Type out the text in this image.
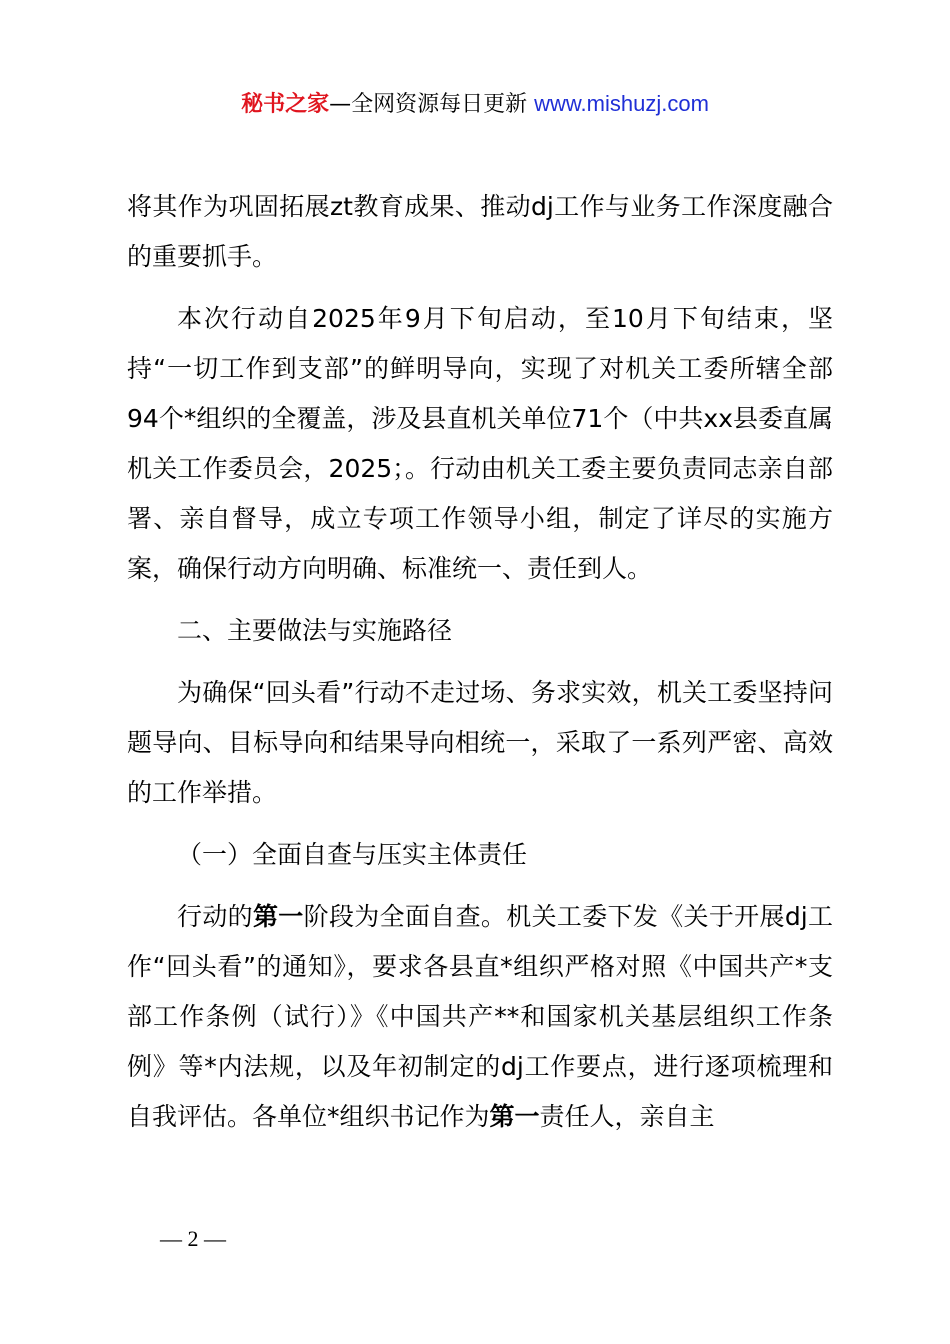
秘书之家—全网资源每日更新 www.mishuzj.com

将其作为巩固拓展zt教育成果、推动dj工作与业务工作深度融合的重要抓手。

本次行动自2025年9月下旬启动，至10月下旬结束，坚持“一切工作到支部”的鲜明导向，实现了对机关工委所辖全部94个*组织的全覆盖，涉及县直机关单位71个（中共xx县委直属机关工作委员会，2025；。行动由机关工委主要负责同志亲自部署、亲自督导，成立专项工作领导小组，制定了详尽的实施方案，确保行动方向明确、标准统一、责任到人。

二、主要做法与实施路径

为确保“回头看”行动不走过场、务求实效，机关工委坚持问题导向、目标导向和结果导向相统一，采取了一系列严密、高效的工作举措。

（一）全面自查与压实主体责任

行动的第一阶段为全面自查。机关工委下发《关于开展dj工作“回头看”的通知》，要求各县直*组织严格对照《中国共产*支部工作条例（试行）》《中国共产**和国家机关基层组织工作条例》等*内法规，以及年初制定的dj工作要点，进行逐项梳理和自我评估。各单位*组织书记作为第一责任人，亲自主

— 2 —
